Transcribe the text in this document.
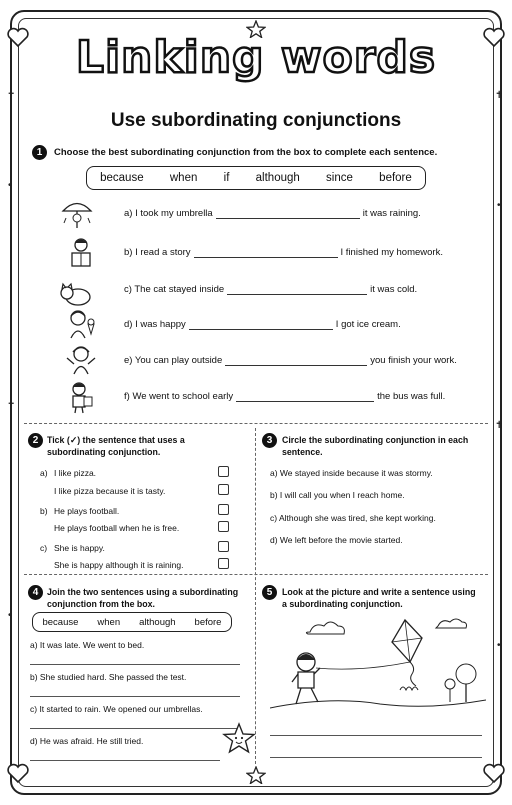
✝	✝
•
•
✝
✝
•
•
Linking words
Use subordinating conjunctions
1	Choose the best subordinating conjunction from the box to complete each sentence.
because when if although since before
a) I took my umbrella	it was raining.
b) I read a story	I finished my homework.
c) The cat stayed inside	it was cold.
d) I was happy	I got ice cream.
e) You can play outside	you finish your work.
f) We went to school early	the bus was full.
2 Tick (✓) the sentence that uses a subordinating conjunction.
a) I like pizza.
I like pizza because it is tasty.
b) He plays football.
He plays football when he is free.
c) She is happy.
She is happy although it is raining.
3	Circle the subordinating conjunction in each sentence.
a) We stayed inside because it was stormy.
b) I will call you when I reach home.
c) Although she was tired, she kept working.
d) We left before the movie started.
4 Join the two sentences using a subordinating conjunction from the box.
because when although before
a) It was late. We went to bed.
b) She studied hard. She passed the test.
c) It started to rain. We opened our umbrellas.
d) He was afraid. He still tried.
5	Look at the picture and write a sentence using a subordinating conjunction.
